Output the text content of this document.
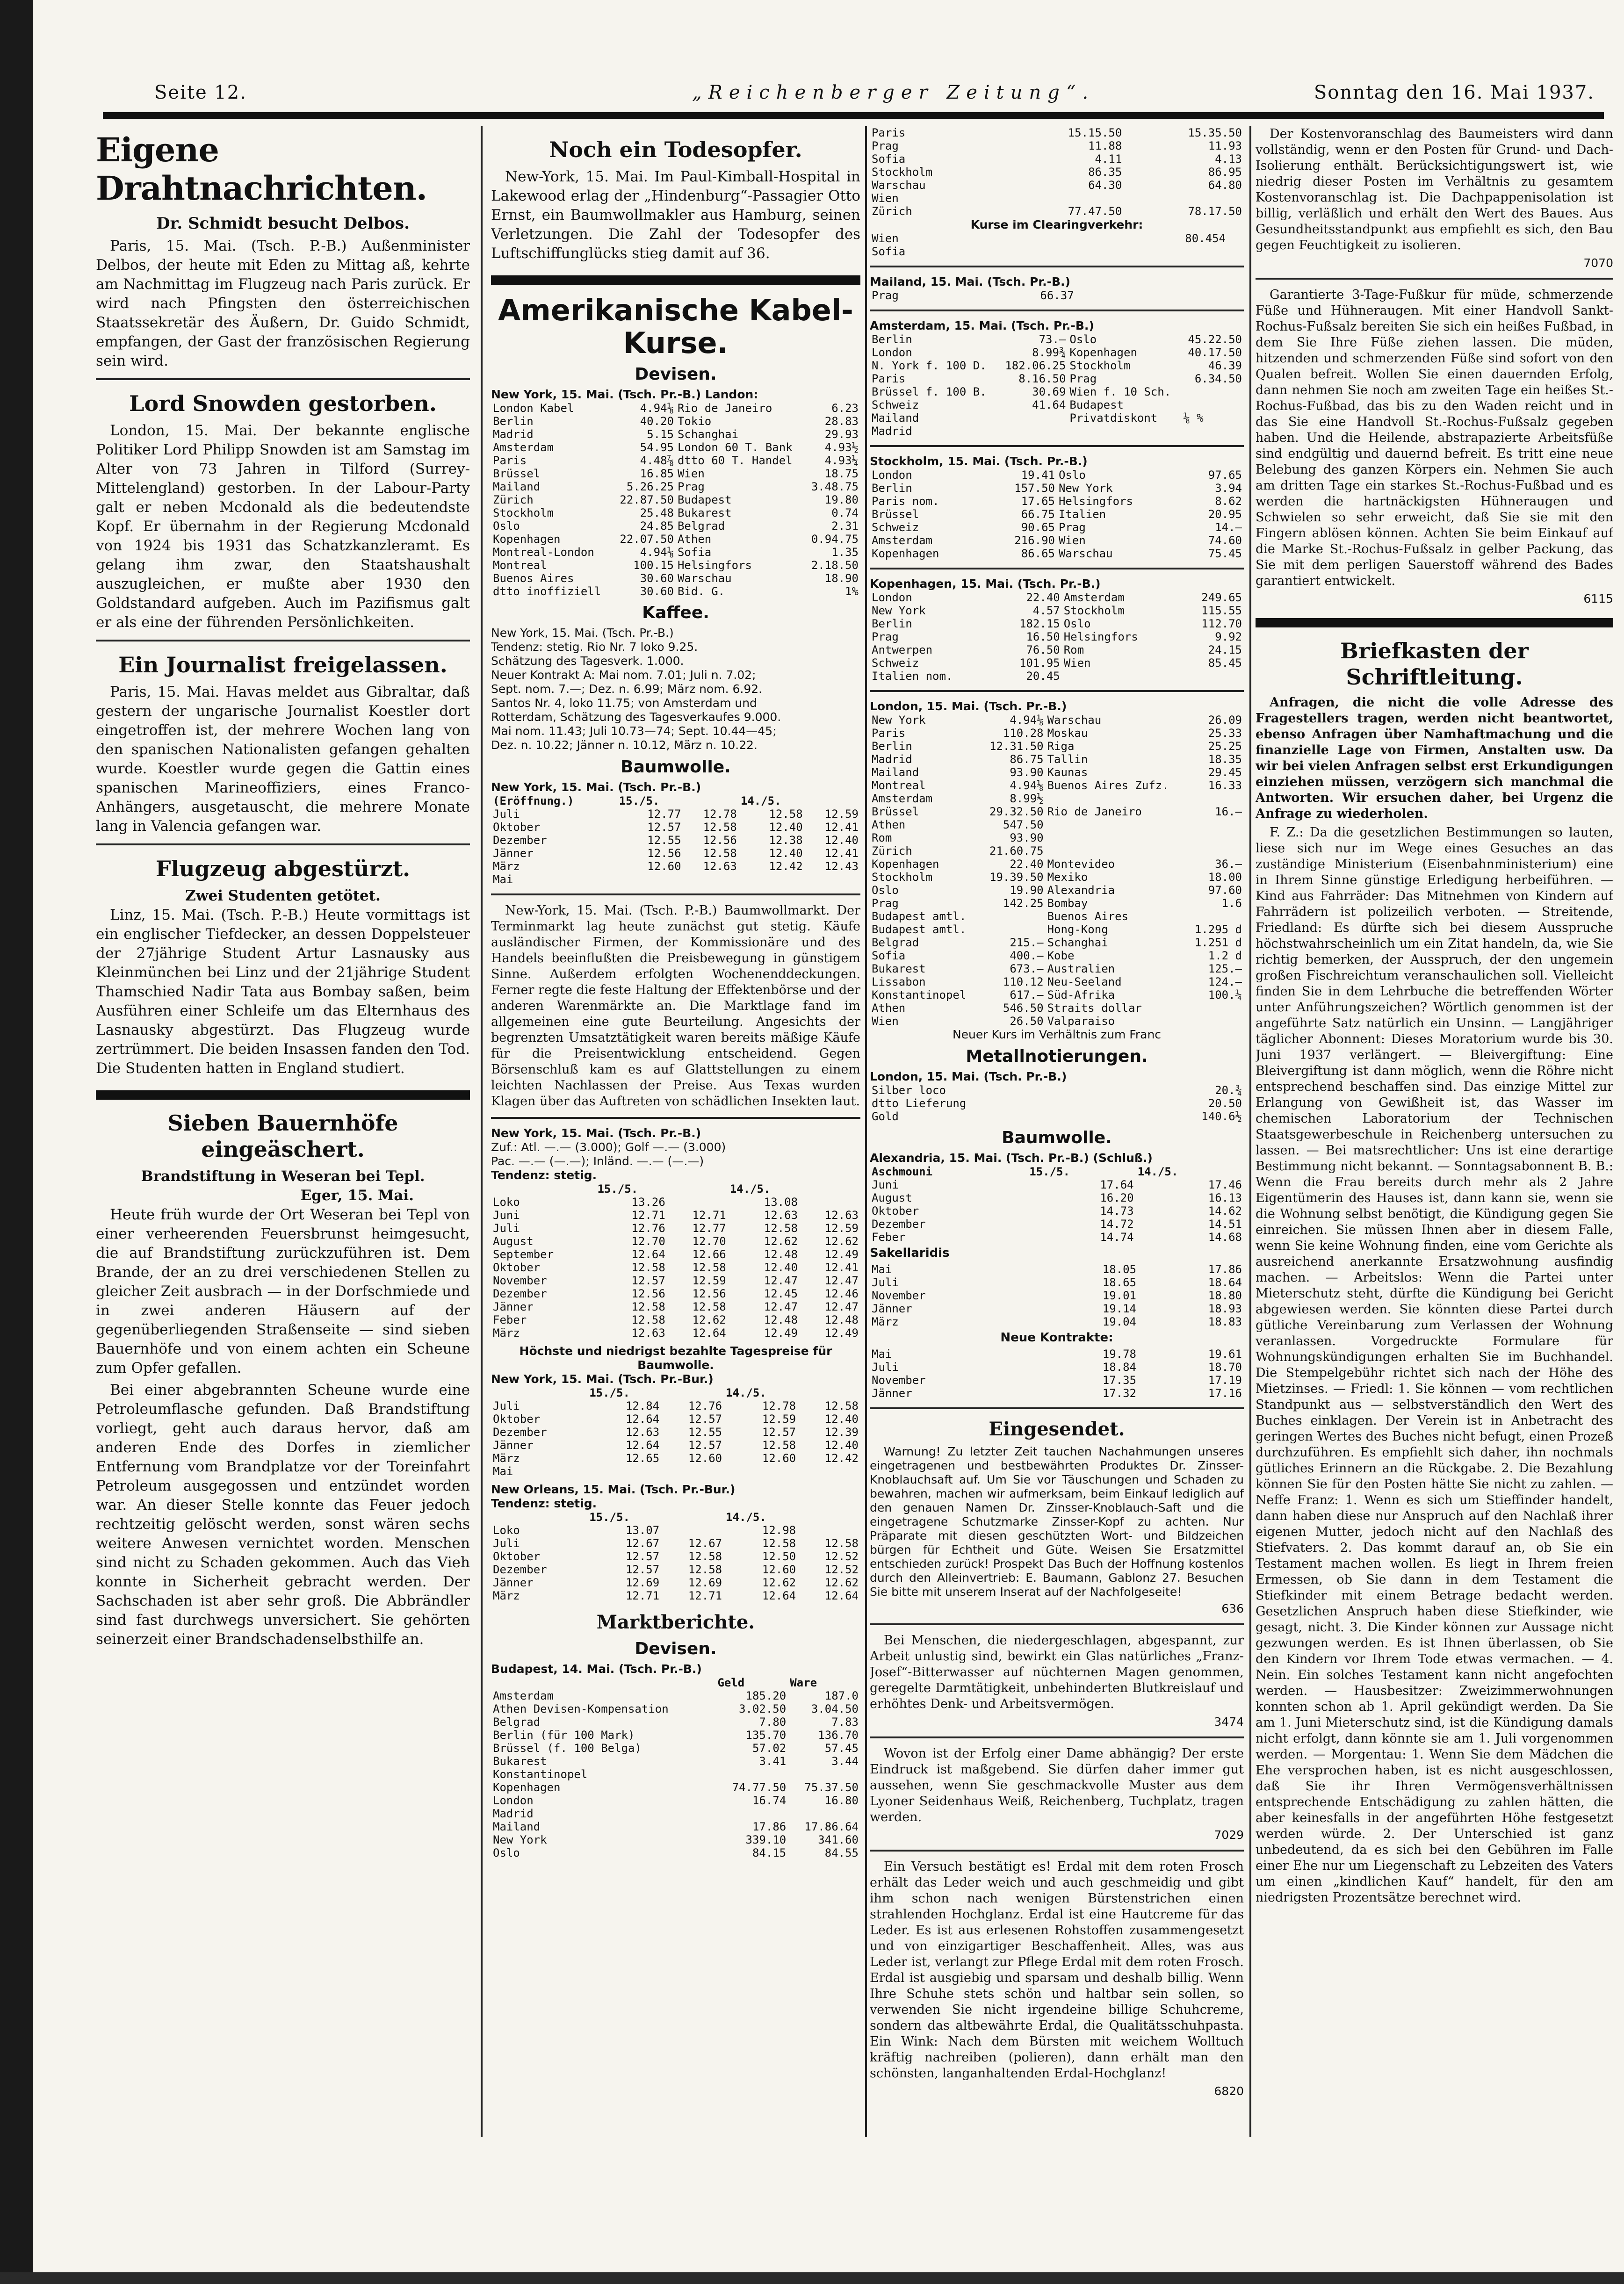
Seite 12.	„Reichenberger Zeitung“.	Sonntag den 16. Mai 1937.
Eigene Drahtnachrichten.
Dr. Schmidt besucht Delbos.

Paris, 15. Mai. (Tsch. P.-B.) Außenminister Delbos, der heute mit Eden zu Mittag aß, kehrte am Nachmittag im Flugzeug nach Paris zurück. Er wird nach Pfingsten den österreichischen Staatssekretär des Äußern, Dr. Guido Schmidt, empfangen, der Gast der französischen Regierung sein wird.

Lord Snowden gestorben.

London, 15. Mai. Der bekannte englische Politiker Lord Philipp Snowden ist am Samstag im Alter von 73 Jahren in Tilford (Surrey-Mittelengland) gestorben. In der Labour-Party galt er neben Mcdonald als die bedeutendste Kopf. Er übernahm in der Regierung Mcdonald von 1924 bis 1931 das Schatzkanzleramt. Es gelang ihm zwar, den Staatshaushalt auszugleichen, er mußte aber 1930 den Goldstandard aufgeben. Auch im Pazifismus galt er als eine der führenden Persönlichkeiten.

Ein Journalist freigelassen.

Paris, 15. Mai. Havas meldet aus Gibraltar, daß gestern der ungarische Journalist Koestler dort eingetroffen ist, der mehrere Wochen lang von den spanischen Nationalisten gefangen gehalten wurde. Koestler wurde gegen die Gattin eines spanischen Marineoffiziers, eines Franco-Anhängers, ausgetauscht, die mehrere Monate lang in Valencia gefangen war.

Flugzeug abgestürzt.
Zwei Studenten getötet.

Linz, 15. Mai. (Tsch. P.-B.) Heute vormittags ist ein englischer Tiefdecker, an dessen Doppelsteuer der 27jährige Student Artur Lasnausky aus Kleinmünchen bei Linz und der 21jährige Student Thamschied Nadir Tata aus Bombay saßen, beim Ausführen einer Schleife um das Elternhaus des Lasnausky abgestürzt. Das Flugzeug wurde zertrümmert. Die beiden Insassen fanden den Tod. Die Studenten hatten in England studiert.

Sieben Bauernhöfe eingeäschert.
Brandstiftung in Weseran bei Tepl.
Eger, 15. Mai.

Heute früh wurde der Ort Weseran bei Tepl von einer verheerenden Feuersbrunst heimgesucht, die auf Brandstiftung zurückzuführen ist. Dem Brande, der an zu drei verschiedenen Stellen zu gleicher Zeit ausbrach — in der Dorfschmiede und in zwei anderen Häusern auf der gegenüberliegenden Straßenseite — sind sieben Bauernhöfe und von einem achten ein Scheune zum Opfer gefallen.

Bei einer abgebrannten Scheune wurde eine Petroleumflasche gefunden. Daß Brandstiftung vorliegt, geht auch daraus hervor, daß am anderen Ende des Dorfes in ziemlicher Entfernung vom Brandplatze vor der Toreinfahrt Petroleum ausgegossen und entzündet worden war. An dieser Stelle konnte das Feuer jedoch rechtzeitig gelöscht werden, sonst wären sechs weitere Anwesen vernichtet worden. Menschen sind nicht zu Schaden gekommen. Auch das Vieh konnte in Sicherheit gebracht werden. Der Sachschaden ist aber sehr groß. Die Abbrändler sind fast durchwegs unversichert. Sie gehörten seinerzeit einer Brandschadenselbsthilfe an.

Noch ein Todesopfer.

New-York, 15. Mai. Im Paul-Kimball-Hospital in Lakewood erlag der „Hindenburg“-Passagier Otto Ernst, ein Baumwollmakler aus Hamburg, seinen Verletzungen. Die Zahl der Todesopfer des Luftschiffunglücks stieg damit auf 36.

Amerikanische Kabel-Kurse.
Devisen.
New York, 15. Mai. (Tsch. Pr.-B.) Landon:
London Kabel	4.94⅛	Rio de Janeiro	6.23
Berlin	40.20	Tokio	28.83
Madrid	5.15	Schanghai	29.93
Amsterdam	54.95	London 60 T. Bank	4.93½
Paris	4.48⅞	dtto 60 T. Handel	4.93¼
Brüssel	16.85	Wien	18.75
Mailand	5.26.25	Prag	3.48.75
Zürich	22.87.50	Budapest	19.80
Stockholm	25.48	Bukarest	0.74
Oslo	24.85	Belgrad	2.31
Kopenhagen	22.07.50	Athen	0.94.75
Montreal-London	4.94⅛	Sofia	1.35
Montreal	100.15	Helsingfors	2.18.50
Buenos Aires	30.60	Warschau	18.90
dtto inoffiziell	30.60	Bid. G.	1%
Kaffee.
New York, 15. Mai. (Tsch. Pr.-B.)
Tendenz: stetig. Rio Nr. 7 loko 9.25.
Schätzung des Tagesverk. 1.000.
Neuer Kontrakt A: Mai nom. 7.01; Juli n. 7.02;
Sept. nom. 7.—; Dez. n. 6.99; März nom. 6.92.
Santos Nr. 4, loko 11.75; von Amsterdam und
Rotterdam, Schätzung des Tagesverkaufes 9.000.
Mai nom. 11.43; Juli 10.73—74; Sept. 10.44—45;
Dez. n. 10.22; Jänner n. 10.12, März n. 10.22.
Baumwolle.
New York, 15. Mai. (Tsch. Pr.-B.)
(Eröffnung.)	15./5.		14./5.	
Juli	12.77	12.78	12.58	12.59
Oktober	12.57	12.58	12.40	12.41
Dezember	12.55	12.56	12.38	12.40
Jänner	12.56	12.58	12.40	12.41
März	12.60	12.63	12.42	12.43
Mai				

New-York, 15. Mai. (Tsch. P.-B.) Baumwollmarkt. Der Terminmarkt lag heute zunächst gut stetig. Käufe ausländischer Firmen, der Kommissionäre und des Handels beeinflußten die Preisbewegung in günstigem Sinne. Außerdem erfolgten Wochenenddeckungen. Ferner regte die feste Haltung der Effektenbörse und der anderen Warenmärkte an. Die Marktlage fand im allgemeinen eine gute Beurteilung. Angesichts der begrenzten Umsatztätigkeit waren bereits mäßige Käufe für die Preisentwicklung entscheidend. Gegen Börsenschluß kam es auf Glattstellungen zu einem leichten Nachlassen der Preise. Aus Texas wurden Klagen über das Auftreten von schädlichen Insekten laut.

New York, 15. Mai. (Tsch. Pr.-B.)
Zuf.: Atl. —.— (3.000); Golf —.— (3.000)
Pac. —.— (—.—); Inländ. —.— (—.—)
Tendenz: stetig.
	15./5.		14./5.	
Loko	13.26		13.08	
Juni	12.71	12.71	12.63	12.63
Juli	12.76	12.77	12.58	12.59
August	12.70	12.70	12.62	12.62
September	12.64	12.66	12.48	12.49
Oktober	12.58	12.58	12.40	12.41
November	12.57	12.59	12.47	12.47
Dezember	12.56	12.56	12.45	12.46
Jänner	12.58	12.58	12.47	12.47
Feber	12.58	12.62	12.48	12.48
März	12.63	12.64	12.49	12.49
Höchste und niedrigst bezahlte Tagespreise für Baumwolle.
New York, 15. Mai. (Tsch. Pr.-Bur.)
	15./5.		14./5.	
Juli	12.84	12.76	12.78	12.58
Oktober	12.64	12.57	12.59	12.40
Dezember	12.63	12.55	12.57	12.39
Jänner	12.64	12.57	12.58	12.40
März	12.65	12.60	12.60	12.42
Mai				
New Orleans, 15. Mai. (Tsch. Pr.-Bur.)
Tendenz: stetig.
	15./5.		14./5.	
Loko	13.07		12.98	
Juli	12.67	12.67	12.58	12.58
Oktober	12.57	12.58	12.50	12.52
Dezember	12.57	12.58	12.60	12.52
Jänner	12.69	12.69	12.62	12.62
März	12.71	12.71	12.64	12.64
Marktberichte.
Devisen.
Budapest, 14. Mai. (Tsch. Pr.-B.)
	Geld	Ware
Amsterdam	185.20	187.0
Athen Devisen-Kompensation	3.02.50	3.04.50
Belgrad	7.80	7.83
Berlin (für 100 Mark)	135.70	136.70
Brüssel (f. 100 Belga)	57.02	57.45
Bukarest	3.41	3.44
Konstantinopel		
Kopenhagen	74.77.50	75.37.50
London	16.74	16.80
Madrid		
Mailand	17.86	17.86.64
New York	339.10	341.60
Oslo	84.15	84.55
Paris	15.15.50	15.35.50
Prag	11.88	11.93
Sofia	4.11	4.13
Stockholm	86.35	86.95
Warschau	64.30	64.80
Wien		
Zürich	77.47.50	78.17.50
Kurse im Clearingverkehr:
Wien	80.454	
Sofia		
Mailand, 15. Mai. (Tsch. Pr.-B.)
Prag	66.37
Amsterdam, 15. Mai. (Tsch. Pr.-B.)
Berlin	73.—	Oslo	45.22.50
London	8.99¾	Kopenhagen	40.17.50
N. York f. 100 D.	182.06.25	Stockholm	46.39
Paris	8.16.50	Prag	6.34.50
Brüssel f. 100 B.	30.69	Wien f. 10 Sch.	
Schweiz	41.64	Budapest	
Mailand		Privatdiskont	⅛ %
Madrid			
Stockholm, 15. Mai. (Tsch. Pr.-B.)
London	19.41	Oslo	97.65
Berlin	157.50	New York	3.94
Paris nom.	17.65	Helsingfors	8.62
Brüssel	66.75	Italien	20.95
Schweiz	90.65	Prag	14.—
Amsterdam	216.90	Wien	74.60
Kopenhagen	86.65	Warschau	75.45
Kopenhagen, 15. Mai. (Tsch. Pr.-B.)
London	22.40	Amsterdam	249.65
New York	4.57	Stockholm	115.55
Berlin	182.15	Oslo	112.70
Prag	16.50	Helsingfors	9.92
Antwerpen	76.50	Rom	24.15
Schweiz	101.95	Wien	85.45
Italien nom.	20.45		
London, 15. Mai. (Tsch. Pr.-B.)
New York	4.94⅛	Warschau	26.09
Paris	110.28	Moskau	25.33
Berlin	12.31.50	Riga	25.25
Madrid	86.75	Tallin	18.35
Mailand	93.90	Kaunas	29.45
Montreal	4.94⅛	Buenos Aires Zufz.	16.33
Amsterdam	8.99½		
Brüssel	29.32.50	Rio de Janeiro	16.—
Athen	547.50		
Rom	93.90		
Zürich	21.60.75		
Kopenhagen	22.40	Montevideo	36.—
Stockholm	19.39.50	Mexiko	18.00
Oslo	19.90	Alexandria	97.60
Prag	142.25	Bombay	1.6
Budapest amtl.		Buenos Aires	
Budapest amtl.		Hong-Kong	1.295 d
Belgrad	215.—	Schanghai	1.251 d
Sofia	400.—	Kobe	1.2 d
Bukarest	673.—	Australien	125.—
Lissabon	110.12	Neu-Seeland	124.—
Konstantinopel	617.—	Süd-Afrika	100.¼
Athen	546.50	Straits dollar	
Wien	26.50	Valparaiso	
Neuer Kurs im Verhältnis zum Franc
Metallnotierungen.
London, 15. Mai. (Tsch. Pr.-B.)
Silber loco	20.¾
dtto Lieferung	20.50
Gold	140.6½
Baumwolle.
Alexandria, 15. Mai. (Tsch. Pr.-B.) (Schluß.)
Aschmouni	15./5.	14./5.
Juni	17.64	17.46
August	16.20	16.13
Oktober	14.73	14.62
Dezember	14.72	14.51
Feber	14.74	14.68
Sakellaridis
Mai	18.05	17.86
Juli	18.65	18.64
November	19.01	18.80
Jänner	19.14	18.93
März	19.04	18.83
Neue Kontrakte:
Mai	19.78	19.61
Juli	18.84	18.70
November	17.35	17.19
Jänner	17.32	17.16
Eingesendet.

Warnung! Zu letzter Zeit tauchen Nachahmungen unseres eingetragenen und bestbewährten Produktes Dr. Zinsser-Knoblauchsaft auf. Um Sie vor Täuschungen und Schaden zu bewahren, machen wir aufmerksam, beim Einkauf lediglich auf den genauen Namen Dr. Zinsser-Knoblauch-Saft und die eingetragene Schutzmarke Zinsser-Kopf zu achten. Nur Präparate mit diesen geschützten Wort- und Bildzeichen bürgen für Echtheit und Güte. Weisen Sie Ersatzmittel entschieden zurück! Prospekt Das Buch der Hoffnung kostenlos durch den Alleinvertrieb: E. Baumann, Gablonz 27. Besuchen Sie bitte mit unserem Inserat auf der Nachfolgeseite!

636

Bei Menschen, die niedergeschlagen, abgespannt, zur Arbeit unlustig sind, bewirkt ein Glas natürliches „Franz-Josef“-Bitterwasser auf nüchternen Magen genommen, geregelte Darmtätigkeit, unbehinderten Blutkreislauf und erhöhtes Denk- und Arbeitsvermögen.

3474

Wovon ist der Erfolg einer Dame abhängig? Der erste Eindruck ist maßgebend. Sie dürfen daher immer gut aussehen, wenn Sie geschmackvolle Muster aus dem Lyoner Seidenhaus Weiß, Reichenberg, Tuchplatz, tragen werden.

7029

Ein Versuch bestätigt es! Erdal mit dem roten Frosch erhält das Leder weich und auch geschmeidig und gibt ihm schon nach wenigen Bürstenstrichen einen strahlenden Hochglanz. Erdal ist eine Hautcreme für das Leder. Es ist aus erlesenen Rohstoffen zusammengesetzt und von einzigartiger Beschaffenheit. Alles, was aus Leder ist, verlangt zur Pflege Erdal mit dem roten Frosch. Erdal ist ausgiebig und sparsam und deshalb billig. Wenn Ihre Schuhe stets schön und haltbar sein sollen, so verwenden Sie nicht irgendeine billige Schuhcreme, sondern das altbewährte Erdal, die Qualitätsschuhpasta. Ein Wink: Nach dem Bürsten mit weichem Wolltuch kräftig nachreiben (polieren), dann erhält man den schönsten, langanhaltenden Erdal-Hochglanz!

6820

Der Kostenvoranschlag des Baumeisters wird dann vollständig, wenn er den Posten für Grund- und Dach-Isolierung enthält. Berücksichtigungswert ist, wie niedrig dieser Posten im Verhältnis zu gesamtem Kostenvoranschlag ist. Die Dachpappenisolation ist billig, verläßlich und erhält den Wert des Baues. Aus Gesundheitsstandpunkt aus empfiehlt es sich, den Bau gegen Feuchtigkeit zu isolieren.

7070

Garantierte 3-Tage-Fußkur für müde, schmerzende Füße und Hühneraugen. Mit einer Handvoll Sankt-Rochus-Fußsalz bereiten Sie sich ein heißes Fußbad, in dem Sie Ihre Füße ziehen lassen. Die müden, hitzenden und schmerzenden Füße sind sofort von den Qualen befreit. Wollen Sie einen dauernden Erfolg, dann nehmen Sie noch am zweiten Tage ein heißes St.-Rochus-Fußbad, das bis zu den Waden reicht und in das Sie eine Handvoll St.-Rochus-Fußsalz gegeben haben. Und die Heilende, abstrapazierte Arbeitsfüße sind endgültig und dauernd befreit. Es tritt eine neue Belebung des ganzen Körpers ein. Nehmen Sie auch am dritten Tage ein starkes St.-Rochus-Fußbad und es werden die hartnäckigsten Hühneraugen und Schwielen so sehr erweicht, daß Sie sie mit den Fingern ablösen können. Achten Sie beim Einkauf auf die Marke St.-Rochus-Fußsalz in gelber Packung, das Sie mit dem perligen Sauerstoff während des Bades garantiert entwickelt.

6115
Briefkasten der Schriftleitung.

Anfragen, die nicht die volle Adresse des Fragestellers tragen, werden nicht beantwortet, ebenso Anfragen über Namhaftmachung und die finanzielle Lage von Firmen, Anstalten usw. Da wir bei vielen Anfragen selbst erst Erkundigungen einziehen müssen, verzögern sich manchmal die Antworten. Wir ersuchen daher, bei Urgenz die Anfrage zu wiederholen.

F. Z.: Da die gesetzlichen Bestimmungen so lauten, liese sich nur im Wege eines Gesuches an das zuständige Ministerium (Eisenbahnministerium) eine in Ihrem Sinne günstige Erledigung herbeiführen. — Kind aus Fahrräder: Das Mitnehmen von Kindern auf Fahrrädern ist polizeilich verboten. — Streitende, Friedland: Es dürfte sich bei diesem Ausspruche höchstwahrscheinlich um ein Zitat handeln, da, wie Sie richtig bemerken, der Ausspruch, der den ungemein großen Fischreichtum veranschaulichen soll. Vielleicht finden Sie in dem Lehrbuche die betreffenden Wörter unter Anführungszeichen? Wörtlich genommen ist der angeführte Satz natürlich ein Unsinn. — Langjähriger täglicher Abonnent: Dieses Moratorium wurde bis 30. Juni 1937 verlängert. — Bleivergiftung: Eine Bleivergiftung ist dann möglich, wenn die Röhre nicht entsprechend beschaffen sind. Das einzige Mittel zur Erlangung von Gewißheit ist, das Wasser im chemischen Laboratorium der Technischen Staatsgewerbeschule in Reichenberg untersuchen zu lassen. — Bei matsrechtlicher: Uns ist eine derartige Bestimmung nicht bekannt. — Sonntagsabonnent B. B.: Wenn die Frau bereits durch mehr als 2 Jahre Eigentümerin des Hauses ist, dann kann sie, wenn sie die Wohnung selbst benötigt, die Kündigung gegen Sie einreichen. Sie müssen Ihnen aber in diesem Falle, wenn Sie keine Wohnung finden, eine vom Gerichte als ausreichend anerkannte Ersatzwohnung ausfindig machen. — Arbeitslos: Wenn die Partei unter Mieterschutz steht, dürfte die Kündigung bei Gericht abgewiesen werden. Sie könnten diese Partei durch gütliche Vereinbarung zum Verlassen der Wohnung veranlassen. Vorgedruckte Formulare für Wohnungskündigungen erhalten Sie im Buchhandel. Die Stempelgebühr richtet sich nach der Höhe des Mietzinses. — Friedl: 1. Sie können — vom rechtlichen Standpunkt aus — selbstverständlich den Wert des Buches einklagen. Der Verein ist in Anbetracht des geringen Wertes des Buches nicht befugt, einen Prozeß durchzuführen. Es empfiehlt sich daher, ihn nochmals gütliches Erinnern an die Rückgabe. 2. Die Bezahlung können Sie für den Posten hätte Sie nicht zu zahlen. — Neffe Franz: 1. Wenn es sich um Stieffinder handelt, dann haben diese nur Anspruch auf den Nachlaß ihrer eigenen Mutter, jedoch nicht auf den Nachlaß des Stiefvaters. 2. Das kommt darauf an, ob Sie ein Testament machen wollen. Es liegt in Ihrem freien Ermessen, ob Sie dann in dem Testament die Stiefkinder mit einem Betrage bedacht werden. Gesetzlichen Anspruch haben diese Stiefkinder, wie gesagt, nicht. 3. Die Kinder können zur Aussage nicht gezwungen werden. Es ist Ihnen überlassen, ob Sie den Kindern vor Ihrem Tode etwas vermachen. — 4. Nein. Ein solches Testament kann nicht angefochten werden. — Hausbesitzer: Zweizimmerwohnungen konnten schon ab 1. April gekündigt werden. Da Sie am 1. Juni Mieterschutz sind, ist die Kündigung damals nicht erfolgt, dann könnte sie am 1. Juli vorgenommen werden. — Morgentau: 1. Wenn Sie dem Mädchen die Ehe versprochen haben, ist es nicht ausgeschlossen, daß Sie ihr Ihren Vermögensverhältnissen entsprechende Entschädigung zu zahlen hätten, die aber keinesfalls in der angeführten Höhe festgesetzt werden würde. 2. Der Unterschied ist ganz unbedeutend, da es sich bei den Gebühren im Falle einer Ehe nur um Liegenschaft zu Lebzeiten des Vaters um einen „kindlichen Kauf“ handelt, für den am niedrigsten Prozentsätze berechnet wird.
